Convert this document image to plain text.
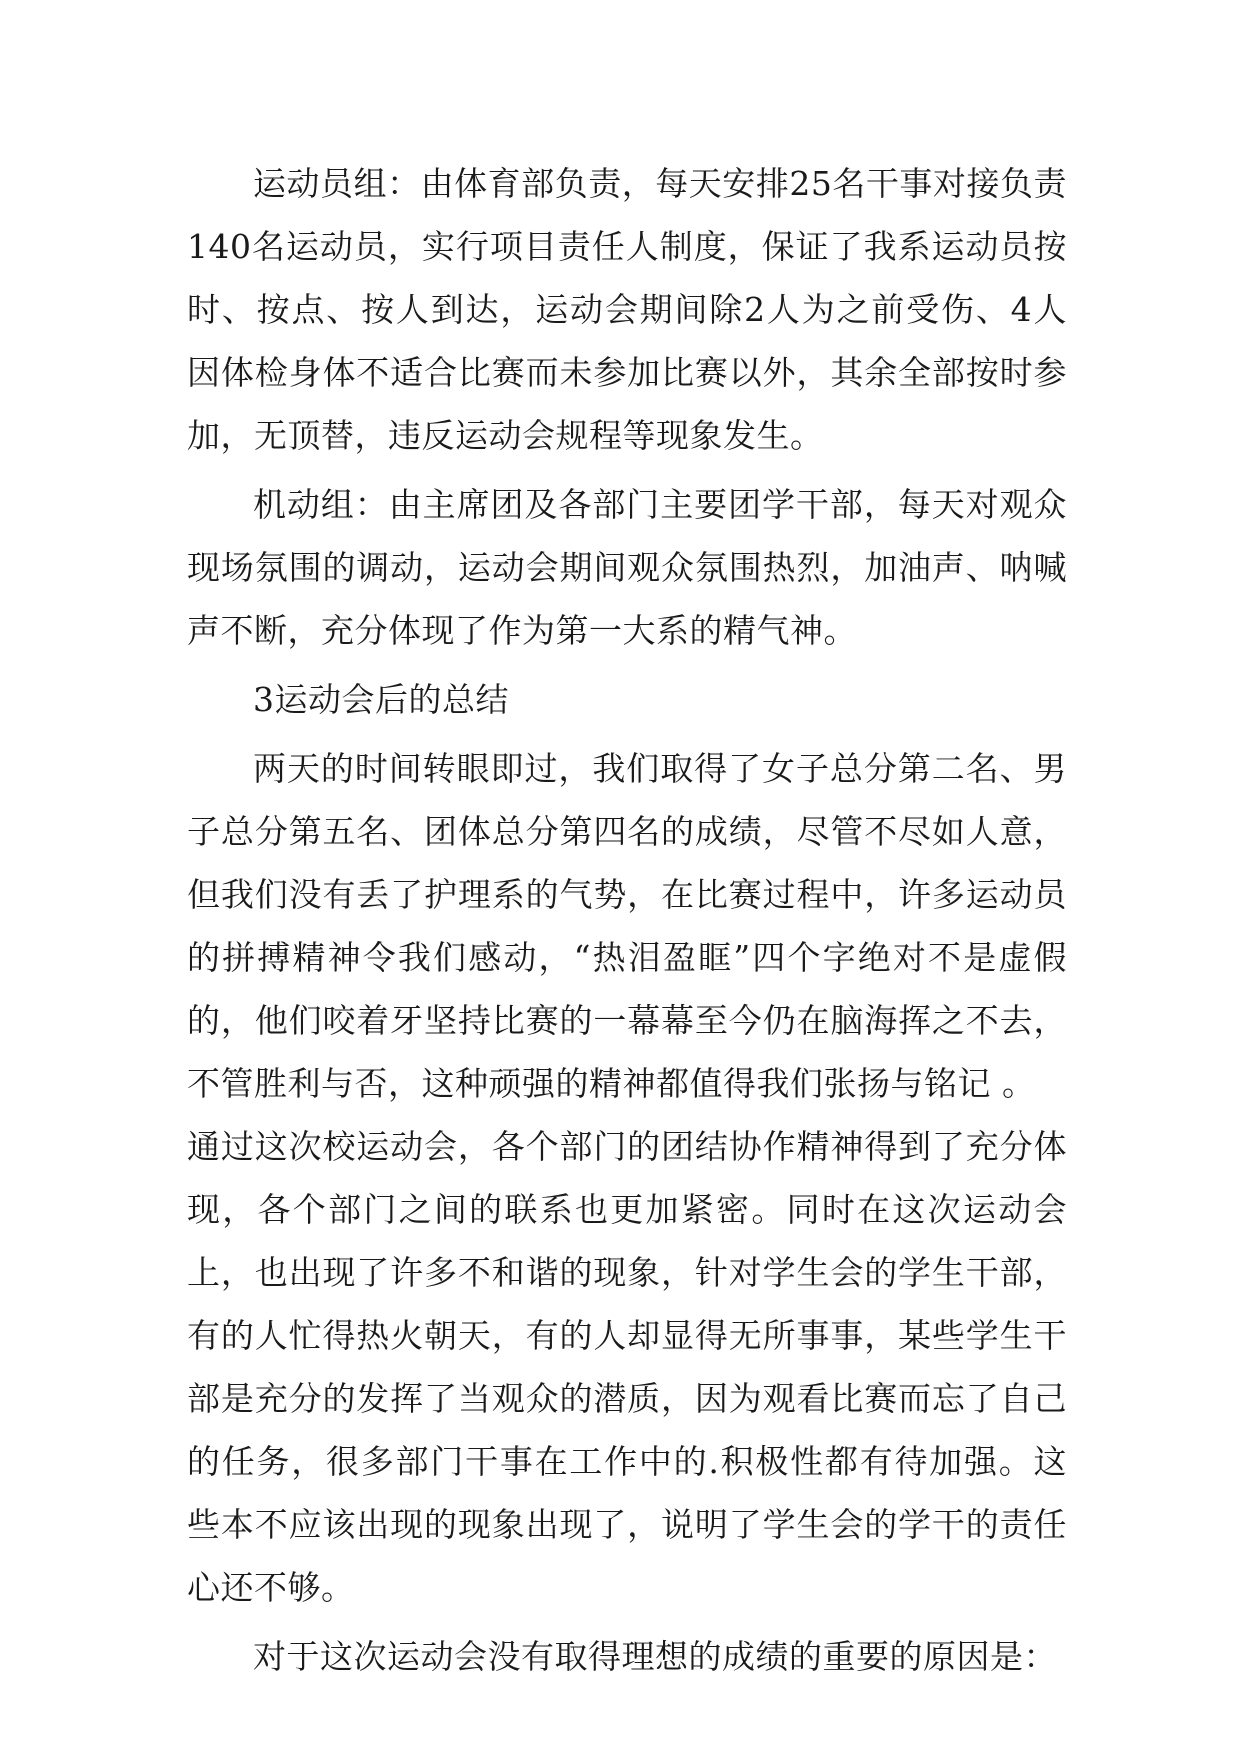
运动员组：由体育部负责，每天安排25名干事对接负责140名运动员，实行项目责任人制度，保证了我系运动员按时、按点、按人到达，运动会期间除2人为之前受伤、4人因体检身体不适合比赛而未参加比赛以外，其余全部按时参加，无顶替，违反运动会规程等现象发生。

机动组：由主席团及各部门主要团学干部，每天对观众现场氛围的调动，运动会期间观众氛围热烈，加油声、呐喊声不断，充分体现了作为第一大系的精气神。

3运动会后的总结

两天的时间转眼即过，我们取得了女子总分第二名、男子总分第五名、团体总分第四名的成绩，尽管不尽如人意，但我们没有丢了护理系的气势，在比赛过程中，许多运动员的拼搏精神令我们感动，“热泪盈眶”四个字绝对不是虚假的，他们咬着牙坚持比赛的一幕幕至今仍在脑海挥之不去，不管胜利与否，这种顽强的精神都值得我们张扬与铭记 。

通过这次校运动会，各个部门的团结协作精神得到了充分体现，各个部门之间的联系也更加紧密。同时在这次运动会上，也出现了许多不和谐的现象，针对学生会的学生干部，有的人忙得热火朝天，有的人却显得无所事事，某些学生干部是充分的发挥了当观众的潜质，因为观看比赛而忘了自己的任务，很多部门干事在工作中的.积极性都有待加强。这些本不应该出现的现象出现了，说明了学生会的学干的责任心还不够。

对于这次运动会没有取得理想的成绩的重要的原因是：
